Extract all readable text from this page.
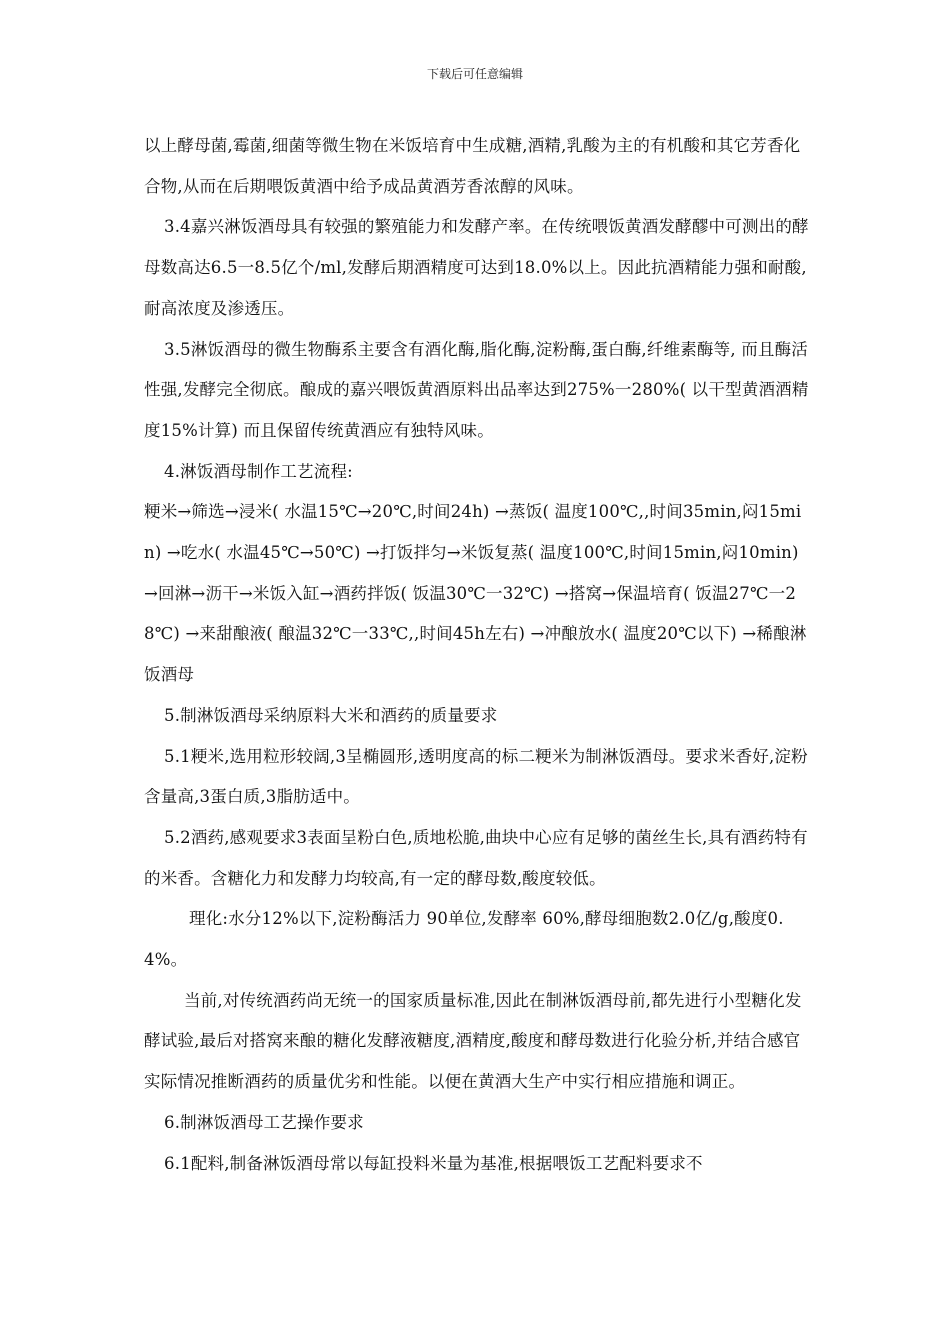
下载后可任意编辑

以上酵母菌,霉菌,细菌等微生物在米饭培育中生成糖,酒精,乳酸为主的有机酸和其它芳香化合物,从而在后期喂饭黄酒中给予成品黄酒芳香浓醇的风味。

3.4嘉兴淋饭酒母具有较强的繁殖能力和发酵产率。在传统喂饭黄酒发酵醪中可测出的酵母数高达6.5一8.5亿个/ml,发酵后期酒精度可达到18.0%以上。因此抗酒精能力强和耐酸,耐高浓度及渗透压。

3.5淋饭酒母的微生物酶系主要含有酒化酶,脂化酶,淀粉酶,蛋白酶,纤维素酶等, 而且酶活性强,发酵完全彻底。酿成的嘉兴喂饭黄酒原料出品率达到275%一280%( 以干型黄酒酒精度15%计算) 而且保留传统黄酒应有独特风味。

4.淋饭酒母制作工艺流程:

粳米→筛选→浸米( 水温15℃→20℃,时间24h) →蒸饭( 温度100℃,,时间35min,闷15min) →吃水( 水温45℃→50℃) →打饭拌匀→米饭复蒸( 温度100℃,时间15min,闷10min) →回淋→沥干→米饭入缸→酒药拌饭( 饭温30℃一32℃) →搭窝→保温培育( 饭温27℃一28℃) →来甜酿液( 酿温32℃一33℃,,时间45h左右) →冲酿放水( 温度20℃以下) →稀酿淋饭酒母

5.制淋饭酒母采纳原料大米和酒药的质量要求

5.1粳米,选用粒形较阔,3呈椭圆形,透明度高的标二粳米为制淋饭酒母。要求米香好,淀粉含量高,3蛋白质,3脂肪适中。

5.2酒药,感观要求3表面呈粉白色,质地松脆,曲块中心应有足够的菌丝生长,具有酒药特有的米香。含糖化力和发酵力均较高,有一定的酵母数,酸度较低。

理化:水分12%以下,淀粉酶活力 90单位,发酵率 60%,酵母细胞数2.0亿/g,酸度0.4%。

当前,对传统酒药尚无统一的国家质量标准,因此在制淋饭酒母前,都先进行小型糖化发酵试验,最后对搭窝来酿的糖化发酵液糖度,酒精度,酸度和酵母数进行化验分析,并结合感官实际情况推断酒药的质量优劣和性能。以便在黄酒大生产中实行相应措施和调正。

6.制淋饭酒母工艺操作要求

6.1配料,制备淋饭酒母常以每缸投料米量为基准,根据喂饭工艺配料要求不
